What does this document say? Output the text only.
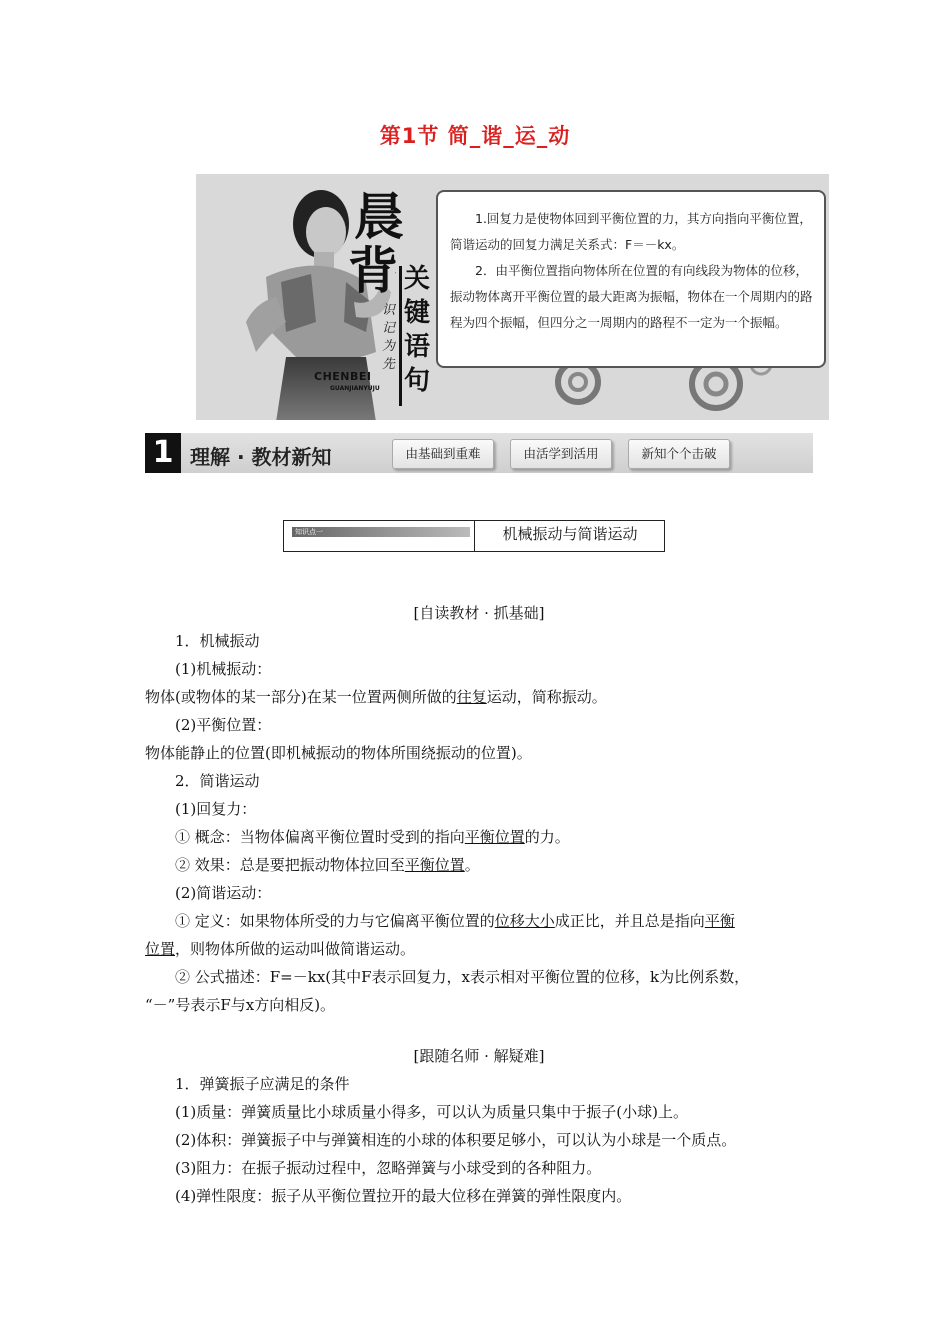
第1节 简_谐_运_动
晨
背 关
键
语
句
识记为先
CHENBEI
GUANJIANYUJU

1.回复力是使物体回到平衡位置的力，其方向指向平衡位置，简谐运动的回复力满足关系式：F＝－kx。

2．由平衡位置指向物体所在位置的有向线段为物体的位移，振动物体离开平衡位置的最大距离为振幅，物体在一个周期内的路程为四个振幅，但四分之一周期内的路程不一定为一个振幅。

1 理解 · 教材新知	由基础到重难	由活学到活用	新知个个击破
知识点一	机械振动与简谐运动
[自读教材 · 抓基础]
1．机械振动
(1)机械振动：
物体(或物体的某一部分)在某一位置两侧所做的往复运动，简称振动。
(2)平衡位置：
物体能静止的位置(即机械振动的物体所围绕振动的位置)。
2．简谐运动
(1)回复力：
① 概念：当物体偏离平衡位置时受到的指向平衡位置的力。
② 效果：总是要把振动物体拉回至平衡位置。
(2)简谐运动：
① 定义：如果物体所受的力与它偏离平衡位置的位移大小成正比，并且总是指向平衡
位置，则物体所做的运动叫做简谐运动。
② 公式描述：F=－kx(其中F表示回复力，x表示相对平衡位置的位移，k为比例系数，
“－”号表示F与x方向相反)。
[跟随名师 · 解疑难]
1．弹簧振子应满足的条件
(1)质量：弹簧质量比小球质量小得多，可以认为质量只集中于振子(小球)上。
(2)体积：弹簧振子中与弹簧相连的小球的体积要足够小，可以认为小球是一个质点。
(3)阻力：在振子振动过程中，忽略弹簧与小球受到的各种阻力。
(4)弹性限度：振子从平衡位置拉开的最大位移在弹簧的弹性限度内。
